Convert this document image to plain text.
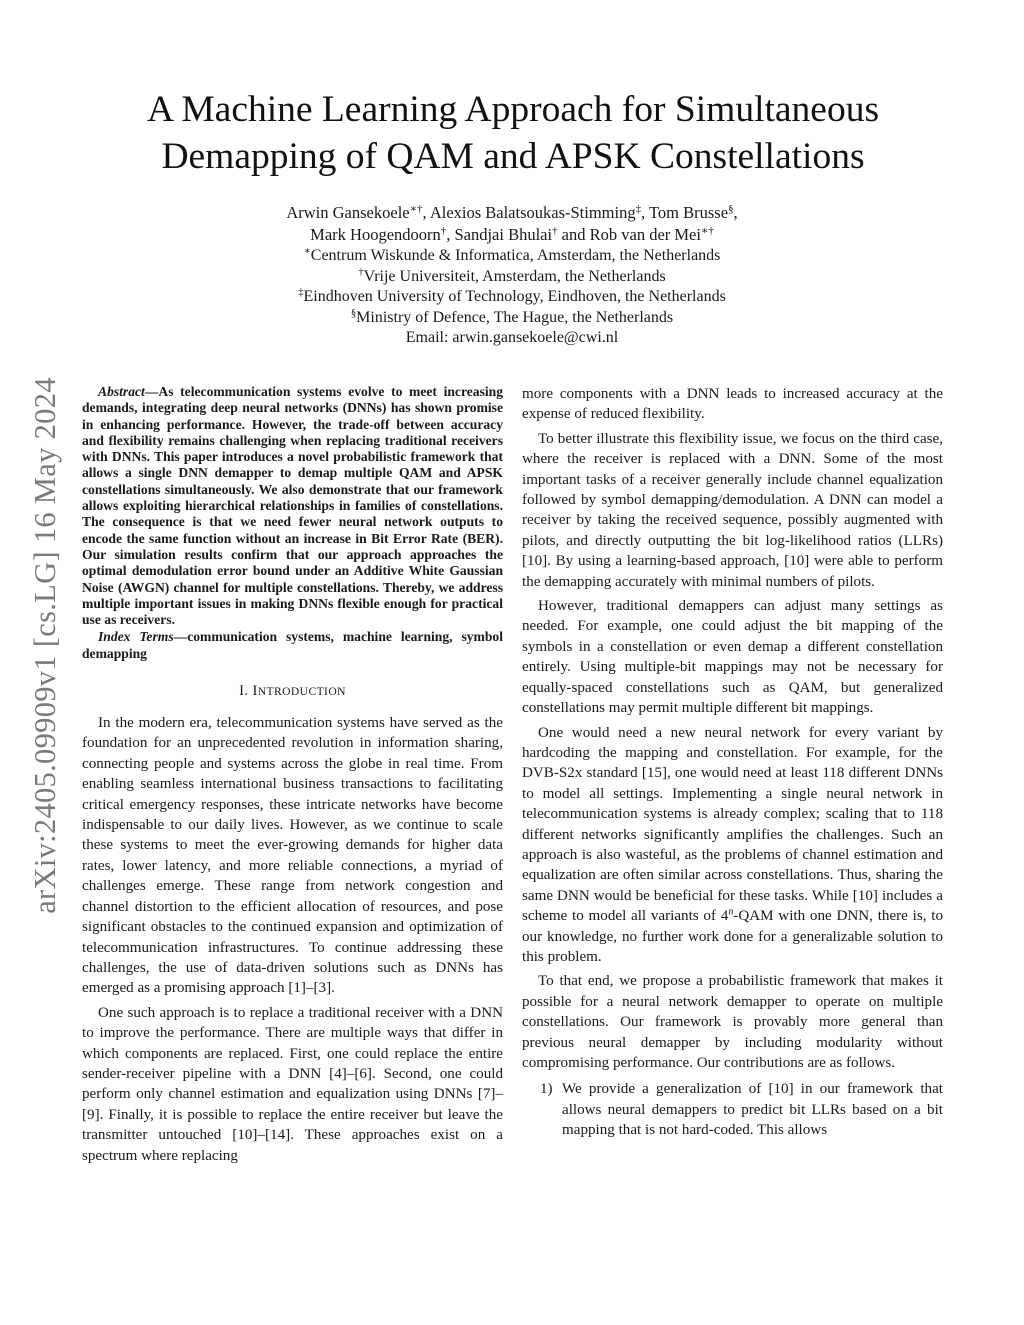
arXiv:2405.09909v1 [cs.LG] 16 May 2024
A Machine Learning Approach for Simultaneous
Demapping of QAM and APSK Constellations

Arwin Gansekoele∗†, Alexios Balatsoukas-Stimming‡, Tom Brusse§,

Mark Hoogendoorn†, Sandjai Bhulai† and Rob van der Mei∗†

∗Centrum Wiskunde & Informatica, Amsterdam, the Netherlands

†Vrije Universiteit, Amsterdam, the Netherlands

‡Eindhoven University of Technology, Eindhoven, the Netherlands

§Ministry of Defence, The Hague, the Netherlands

Email: arwin.gansekoele@cwi.nl

Abstract—As telecommunication systems evolve to meet increasing demands, integrating deep neural networks (DNNs) has shown promise in enhancing performance. However, the trade-off between accuracy and flexibility remains challenging when replacing traditional receivers with DNNs. This paper introduces a novel probabilistic framework that allows a single DNN demapper to demap multiple QAM and APSK constellations simultaneously. We also demonstrate that our framework allows exploiting hierarchical relationships in families of constellations. The consequence is that we need fewer neural network outputs to encode the same function without an increase in Bit Error Rate (BER). Our simulation results confirm that our approach approaches the optimal demodulation error bound under an Additive White Gaussian Noise (AWGN) channel for multiple constellations. Thereby, we address multiple important issues in making DNNs flexible enough for practical use as receivers.

Index Terms—communication systems, machine learning, symbol demapping

I. INTRODUCTION

In the modern era, telecommunication systems have served as the foundation for an unprecedented revolution in information sharing, connecting people and systems across the globe in real time. From enabling seamless international business transactions to facilitating critical emergency responses, these intricate networks have become indispensable to our daily lives. However, as we continue to scale these systems to meet the ever-growing demands for higher data rates, lower latency, and more reliable connections, a myriad of challenges emerge. These range from network congestion and channel distortion to the efficient allocation of resources, and pose significant obstacles to the continued expansion and optimization of telecommunication infrastructures. To continue addressing these challenges, the use of data-driven solutions such as DNNs has emerged as a promising approach [1]–[3].

One such approach is to replace a traditional receiver with a DNN to improve the performance. There are multiple ways that differ in which components are replaced. First, one could replace the entire sender-receiver pipeline with a DNN [4]–[6]. Second, one could perform only channel estimation and equalization using DNNs [7]–[9]. Finally, it is possible to replace the entire receiver but leave the transmitter untouched [10]–[14]. These approaches exist on a spectrum where replacing

more components with a DNN leads to increased accuracy at the expense of reduced flexibility.

To better illustrate this flexibility issue, we focus on the third case, where the receiver is replaced with a DNN. Some of the most important tasks of a receiver generally include channel equalization followed by symbol demapping/demodulation. A DNN can model a receiver by taking the received sequence, possibly augmented with pilots, and directly outputting the bit log-likelihood ratios (LLRs) [10]. By using a learning-based approach, [10] were able to perform the demapping accurately with minimal numbers of pilots.

However, traditional demappers can adjust many settings as needed. For example, one could adjust the bit mapping of the symbols in a constellation or even demap a different constellation entirely. Using multiple-bit mappings may not be necessary for equally-spaced constellations such as QAM, but generalized constellations may permit multiple different bit mappings.

One would need a new neural network for every variant by hardcoding the mapping and constellation. For example, for the DVB-S2x standard [15], one would need at least 118 different DNNs to model all settings. Implementing a single neural network in telecommunication systems is already complex; scaling that to 118 different networks significantly amplifies the challenges. Such an approach is also wasteful, as the problems of channel estimation and equalization are often similar across constellations. Thus, sharing the same DNN would be beneficial for these tasks. While [10] includes a scheme to model all variants of 4$^n$-QAM with one DNN, there is, to our knowledge, no further work done for a generalizable solution to this problem.

To that end, we propose a probabilistic framework that makes it possible for a neural network demapper to operate on multiple constellations. Our framework is provably more general than previous neural demapper by including modularity without compromising performance. Our contributions are as follows.

1) We provide a generalization of [10] in our framework that allows neural demappers to predict bit LLRs based on a bit mapping that is not hard-coded. This allows
